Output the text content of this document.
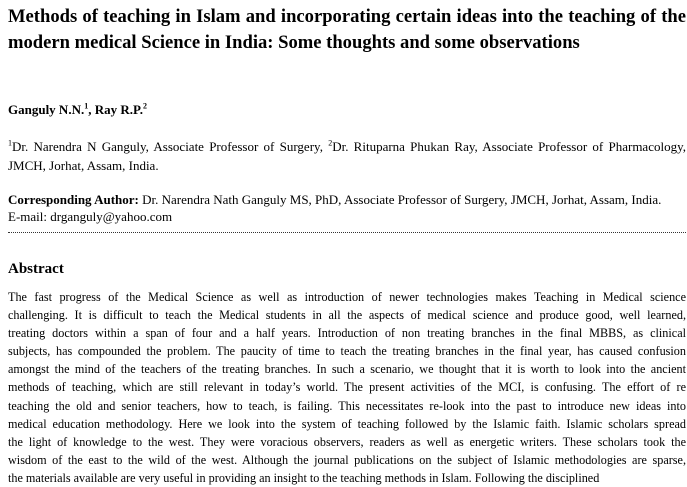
Methods of teaching in Islam and incorporating certain ideas into the teaching of the modern medical Science in India: Some thoughts and some observations
Ganguly N.N.$^1$, Ray R.P.$^2$
$^1$Dr. Narendra N Ganguly, Associate Professor of Surgery, $^2$Dr. Rituparna Phukan Ray, Associate Professor of Pharmacology, JMCH, Jorhat, Assam, India.
Corresponding Author: Dr. Narendra Nath Ganguly MS, PhD, Associate Professor of Surgery, JMCH, Jorhat, Assam, India.
E-mail: drganguly@yahoo.com
Abstract
The fast progress of the Medical Science as well as introduction of newer technologies makes Teaching in Medical science
challenging. It is difficult to teach the Medical students in all the aspects of medical science and produce good, well learned,
treating doctors within a span of four and a half years. Introduction of non treating branches in the final MBBS, as clinical
subjects, has compounded the problem. The paucity of time to teach the treating branches in the final year, has caused confusion
amongst the mind of the teachers of the treating branches. In such a scenario, we thought that it is worth to look into the ancient
methods of teaching, which are still relevant in today’s world. The present activities of the MCI, is confusing. The effort of re
teaching the old and senior teachers, how to teach, is failing. This necessitates re-look into the past to introduce new ideas into
medical education methodology. Here we look into the system of teaching followed by the Islamic faith. Islamic scholars spread
the light of knowledge to the west. They were voracious observers, readers as well as energetic writers. These scholars took the
wisdom of the east to the wild of the west. Although the journal publications on the subject of Islamic methodologies are sparse,
the materials available are very useful in providing an insight to the teaching methods in Islam. Following the disciplined
